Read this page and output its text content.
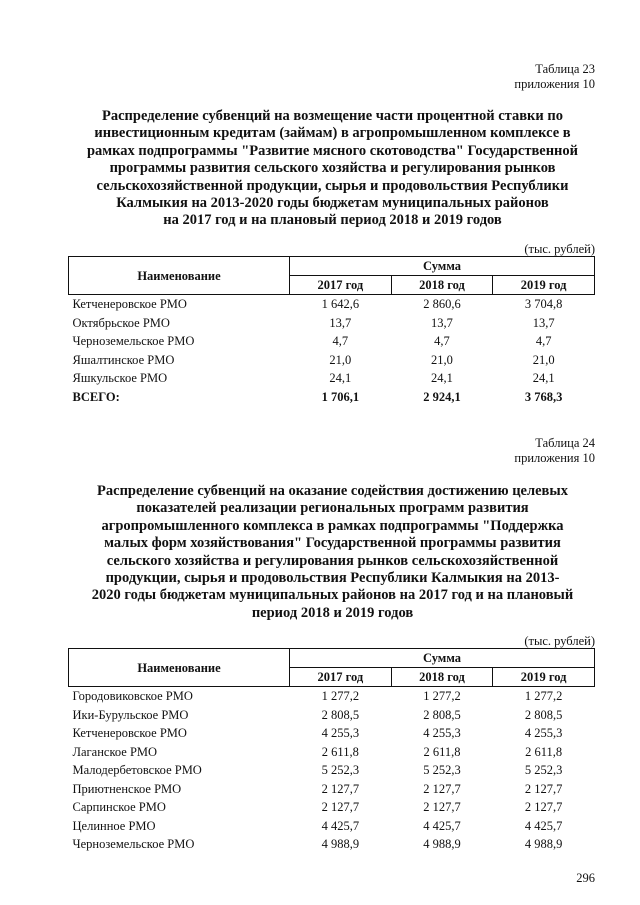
Таблица 23
приложения 10
Распределение субвенций на возмещение части процентной ставки по
инвестиционным кредитам (займам) в агропромышленном комплексе в
рамках подпрограммы "Развитие мясного скотоводства" Государственной
программы развития сельского хозяйства и регулирования рынков
сельскохозяйственной продукции, сырья и продовольствия Республики
Калмыкия на 2013-2020 годы бюджетам муниципальных районов
на 2017 год и на плановый период 2018 и 2019 годов
(тыс. рублей)
Наименование	Сумма		
	2017 год	2018 год	2019 год
Кетченеровское РМО	1 642,6	2 860,6	3 704,8
Октябрьское РМО	13,7	13,7	13,7
Черноземельское РМО	4,7	4,7	4,7
Яшалтинское РМО	21,0	21,0	21,0
Яшкульское РМО	24,1	24,1	24,1
ВСЕГО:	1 706,1	2 924,1	3 768,3
Таблица 24
приложения 10
Распределение субвенций на оказание содействия достижению целевых
показателей реализации региональных программ развития
агропромышленного комплекса в рамках подпрограммы "Поддержка
малых форм хозяйствования" Государственной программы развития
сельского хозяйства и регулирования рынков сельскохозяйственной
продукции, сырья и продовольствия Республики Калмыкия на 2013-
2020 годы бюджетам муниципальных районов на 2017 год и на плановый
период 2018 и 2019 годов
(тыс. рублей)
Наименование	Сумма		
	2017 год	2018 год	2019 год
Городовиковское РМО	1 277,2	1 277,2	1 277,2
Ики-Бурульское РМО	2 808,5	2 808,5	2 808,5
Кетченеровское РМО	4 255,3	4 255,3	4 255,3
Лаганское РМО	2 611,8	2 611,8	2 611,8
Малодербетовское РМО	5 252,3	5 252,3	5 252,3
Приютненское РМО	2 127,7	2 127,7	2 127,7
Сарпинское РМО	2 127,7	2 127,7	2 127,7
Целинное РМО	4 425,7	4 425,7	4 425,7
Черноземельское РМО	4 988,9	4 988,9	4 988,9
296
